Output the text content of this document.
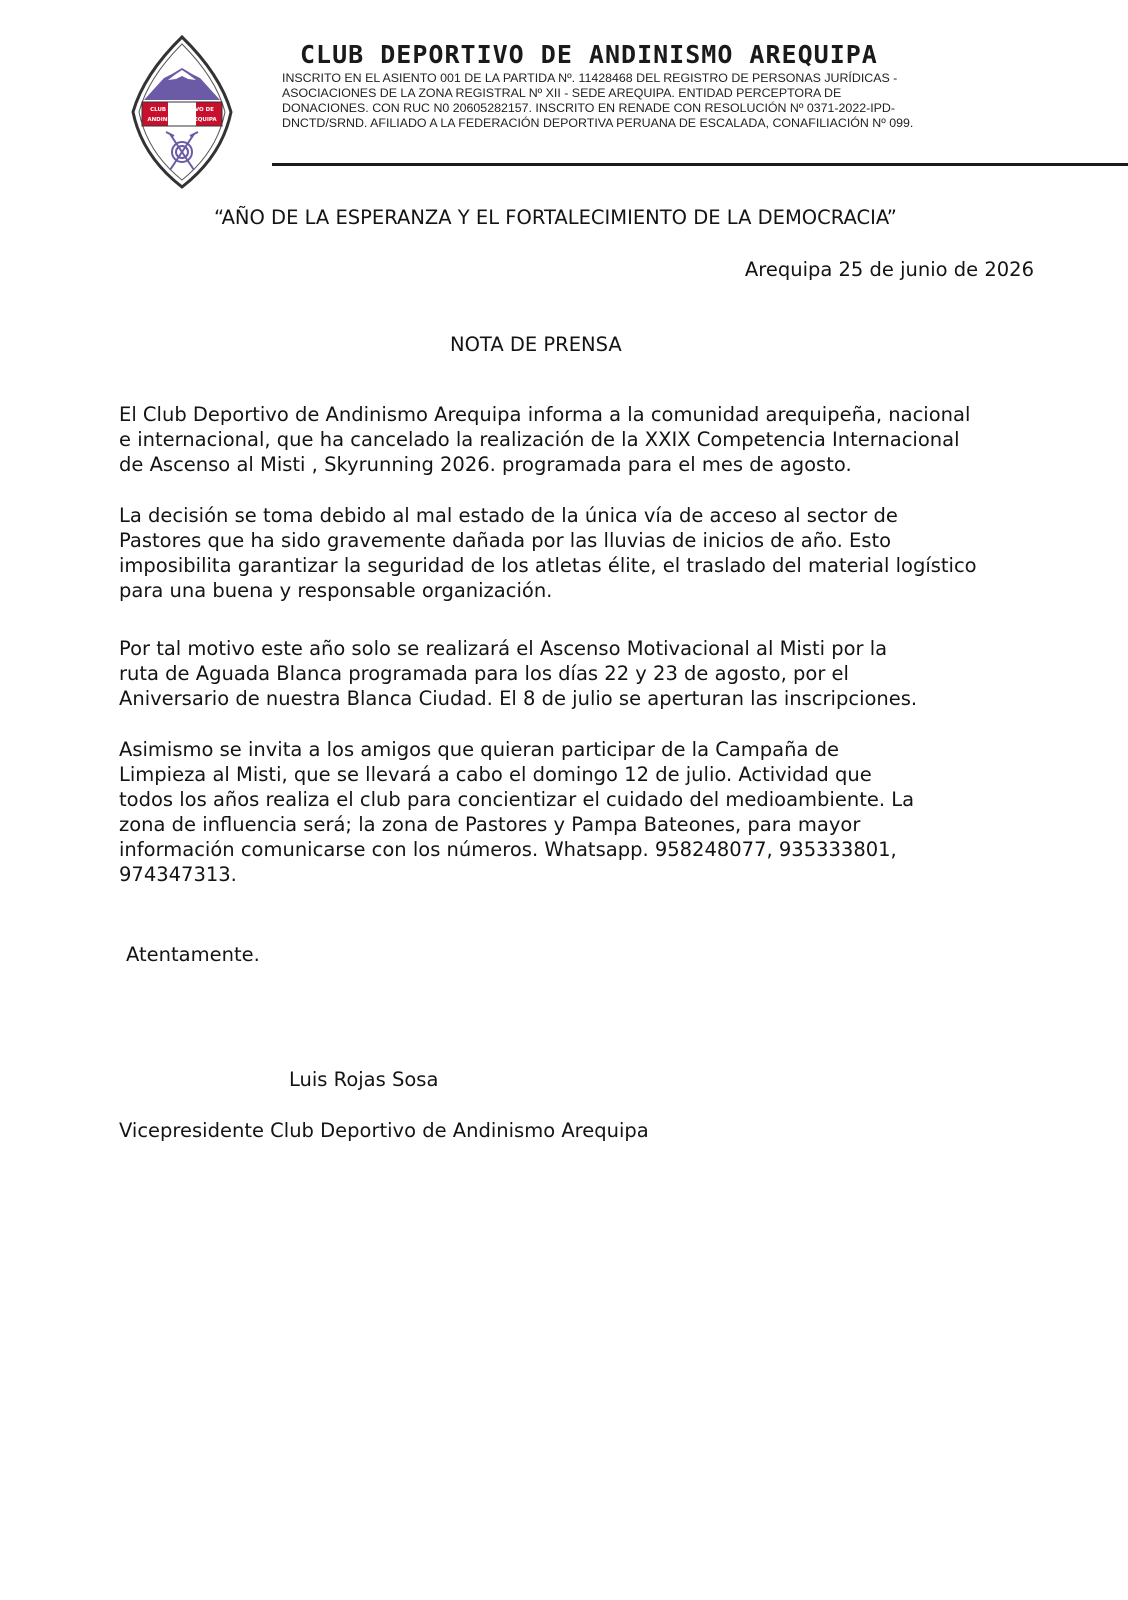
CLUB DEPORTIVO DE
ANDINISMO AREQUIPA
CLUB DEPORTIVO DE ANDINISMO AREQUIPA
INSCRITO EN EL ASIENTO 001 DE LA PARTIDA Nº. 11428468 DEL REGISTRO DE PERSONAS JURÍDICAS -
ASOCIACIONES DE LA ZONA REGISTRAL Nº XII - SEDE AREQUIPA. ENTIDAD PERCEPTORA DE
DONACIONES. CON RUC N0 20605282157. INSCRITO EN RENADE CON RESOLUCIÓN Nº 0371-2022-IPD-
DNCTD/SRND. AFILIADO A LA FEDERACIÓN DEPORTIVA PERUANA DE ESCALADA, CONAFILIACIÓN Nº 099.
“AÑO DE LA ESPERANZA Y EL FORTALECIMIENTO DE LA DEMOCRACIA”
Arequipa 25 de junio de 2026
NOTA DE PRENSA

El Club Deportivo de Andinismo Arequipa informa a la comunidad arequipeña, nacional
e internacional, que ha cancelado la realización de la XXIX Competencia Internacional
de Ascenso al Misti , Skyrunning 2026. programada para el mes de agosto.

La decisión se toma debido al mal estado de la única vía de acceso al sector de
Pastores que ha sido gravemente dañada por las lluvias de inicios de año. Esto
imposibilita garantizar la seguridad de los atletas élite, el traslado del material logístico
para una buena y responsable organización.

Por tal motivo este año solo se realizará el Ascenso Motivacional al Misti por la
ruta de Aguada Blanca programada para los días 22 y 23 de agosto, por el
Aniversario de nuestra Blanca Ciudad. El 8 de julio se aperturan las inscripciones.

Asimismo se invita a los amigos que quieran participar de la Campaña de
Limpieza al Misti, que se llevará a cabo el domingo 12 de julio. Actividad que
todos los años realiza el club para concientizar el cuidado del medioambiente. La
zona de influencia será; la zona de Pastores y Pampa Bateones, para mayor
información comunicarse con los números. Whatsapp. 958248077, 935333801,
974347313.

Atentamente.
Luis Rojas Sosa
Vicepresidente Club Deportivo de Andinismo Arequipa
